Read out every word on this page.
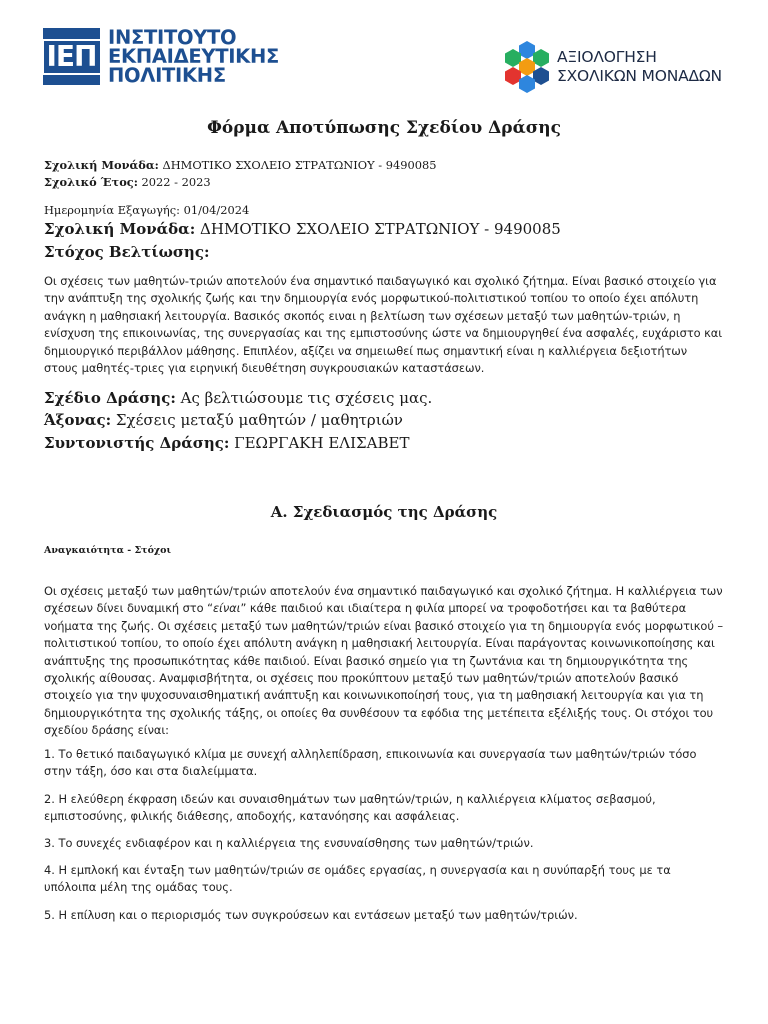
ΙΕΠ
ΙΝΣΤΙΤΟΥΤΟ
ΕΚΠΑΙΔΕΥΤΙΚΗΣ
ΠΟΛΙΤΙΚΗΣ
ΑΞΙΟΛΟΓΗΣΗ
ΣΧΟΛΙΚΩΝ ΜΟΝΑΔΩΝ
Φόρμα Αποτύπωσης Σχεδίου Δράσης
Σχολική Μονάδα: ΔΗΜΟΤΙΚΟ ΣΧΟΛΕΙΟ ΣΤΡΑΤΩΝΙΟΥ - 9490085
Σχολικό Έτος: 2022 - 2023
Ημερομηνία Εξαγωγής: 01/04/2024
Σχολική Μονάδα: ΔΗΜΟΤΙΚΟ ΣΧΟΛΕΙΟ ΣΤΡΑΤΩΝΙΟΥ - 9490085
Στόχος Βελτίωσης:
Οι σχέσεις των μαθητών-τριών αποτελούν ένα σημαντικό παιδαγωγικό και σχολικό ζήτημα. Είναι βασικό στοιχείο για την ανάπτυξη της σχολικής ζωής και την δημιουργία ενός μορφωτικού-πολιτιστικού τοπίου το οποίο έχει απόλυτη ανάγκη η μαθησιακή λειτουργία. Βασικός σκοπός ειναι η βελτίωση των σχέσεων μεταξύ των μαθητών-τριών, η ενίσχυση της επικοινωνίας, της συνεργασίας και της εμπιστοσύνης ώστε να δημιουργηθεί ένα ασφαλές, ευχάριστο και δημιουργικό περιβάλλον μάθησης. Επιπλέον, αξίζει να σημειωθεί πως σημαντική είναι η καλλιέργεια δεξιοτήτων στους μαθητές-τριες για ειρηνική διευθέτηση συγκρουσιακών καταστάσεων.
Σχέδιο Δράσης: Ας βελτιώσουμε τις σχέσεις μας.
Άξονας: Σχέσεις μεταξύ μαθητών / μαθητριών
Συντονιστής Δράσης: ΓΕΩΡΓΑΚΗ ΕΛΙΣΑΒΕΤ
Α. Σχεδιασμός της Δράσης
Αναγκαιότητα - Στόχοι
Οι σχέσεις μεταξύ των μαθητών/τριών αποτελούν ένα σημαντικό παιδαγωγικό και σχολικό ζήτημα. Η καλλιέργεια των σχέσεων δίνει δυναμική στο “είναι” κάθε παιδιού και ιδιαίτερα η φιλία μπορεί να τροφοδοτήσει και τα βαθύτερα νοήματα της ζωής. Οι σχέσεις μεταξύ των μαθητών/τριών είναι βασικό στοιχείο για τη δημιουργία ενός μορφωτικού – πολιτιστικού τοπίου, το οποίο έχει απόλυτη ανάγκη η μαθησιακή λειτουργία. Είναι παράγοντας κοινωνικοποίησης και ανάπτυξης της προσωπικότητας κάθε παιδιού. Είναι βασικό σημείο για τη ζωντάνια και τη δημιουργικότητα της σχολικής αίθουσας. Αναμφισβήτητα, οι σχέσεις που προκύπτουν μεταξύ των μαθητών/τριών αποτελούν βασικό στοιχείο για την ψυχοσυναισθηματική ανάπτυξη και κοινωνικοποίησή τους, για τη μαθησιακή λειτουργία και για τη δημιουργικότητα της σχολικής τάξης, οι οποίες θα συνθέσουν τα εφόδια της μετέπειτα εξέλιξής τους. Οι στόχοι του σχεδίου δράσης είναι:
1. Το θετικό παιδαγωγικό κλίμα με συνεχή αλληλεπίδραση, επικοινωνία και συνεργασία των μαθητών/τριών τόσο στην τάξη, όσο και στα διαλείμματα.
2. Η ελεύθερη έκφραση ιδεών και συναισθημάτων των μαθητών/τριών, η καλλιέργεια κλίματος σεβασμού, εμπιστοσύνης, φιλικής διάθεσης, αποδοχής, κατανόησης και ασφάλειας.
3. Το συνεχές ενδιαφέρον και η καλλιέργεια της ενσυναίσθησης των μαθητών/τριών.
4. Η εμπλοκή και ένταξη των μαθητών/τριών σε ομάδες εργασίας, η συνεργασία και η συνύπαρξή τους με τα υπόλοιπα μέλη της ομάδας τους.
5. Η επίλυση και ο περιορισμός των συγκρούσεων και εντάσεων μεταξύ των μαθητών/τριών.
